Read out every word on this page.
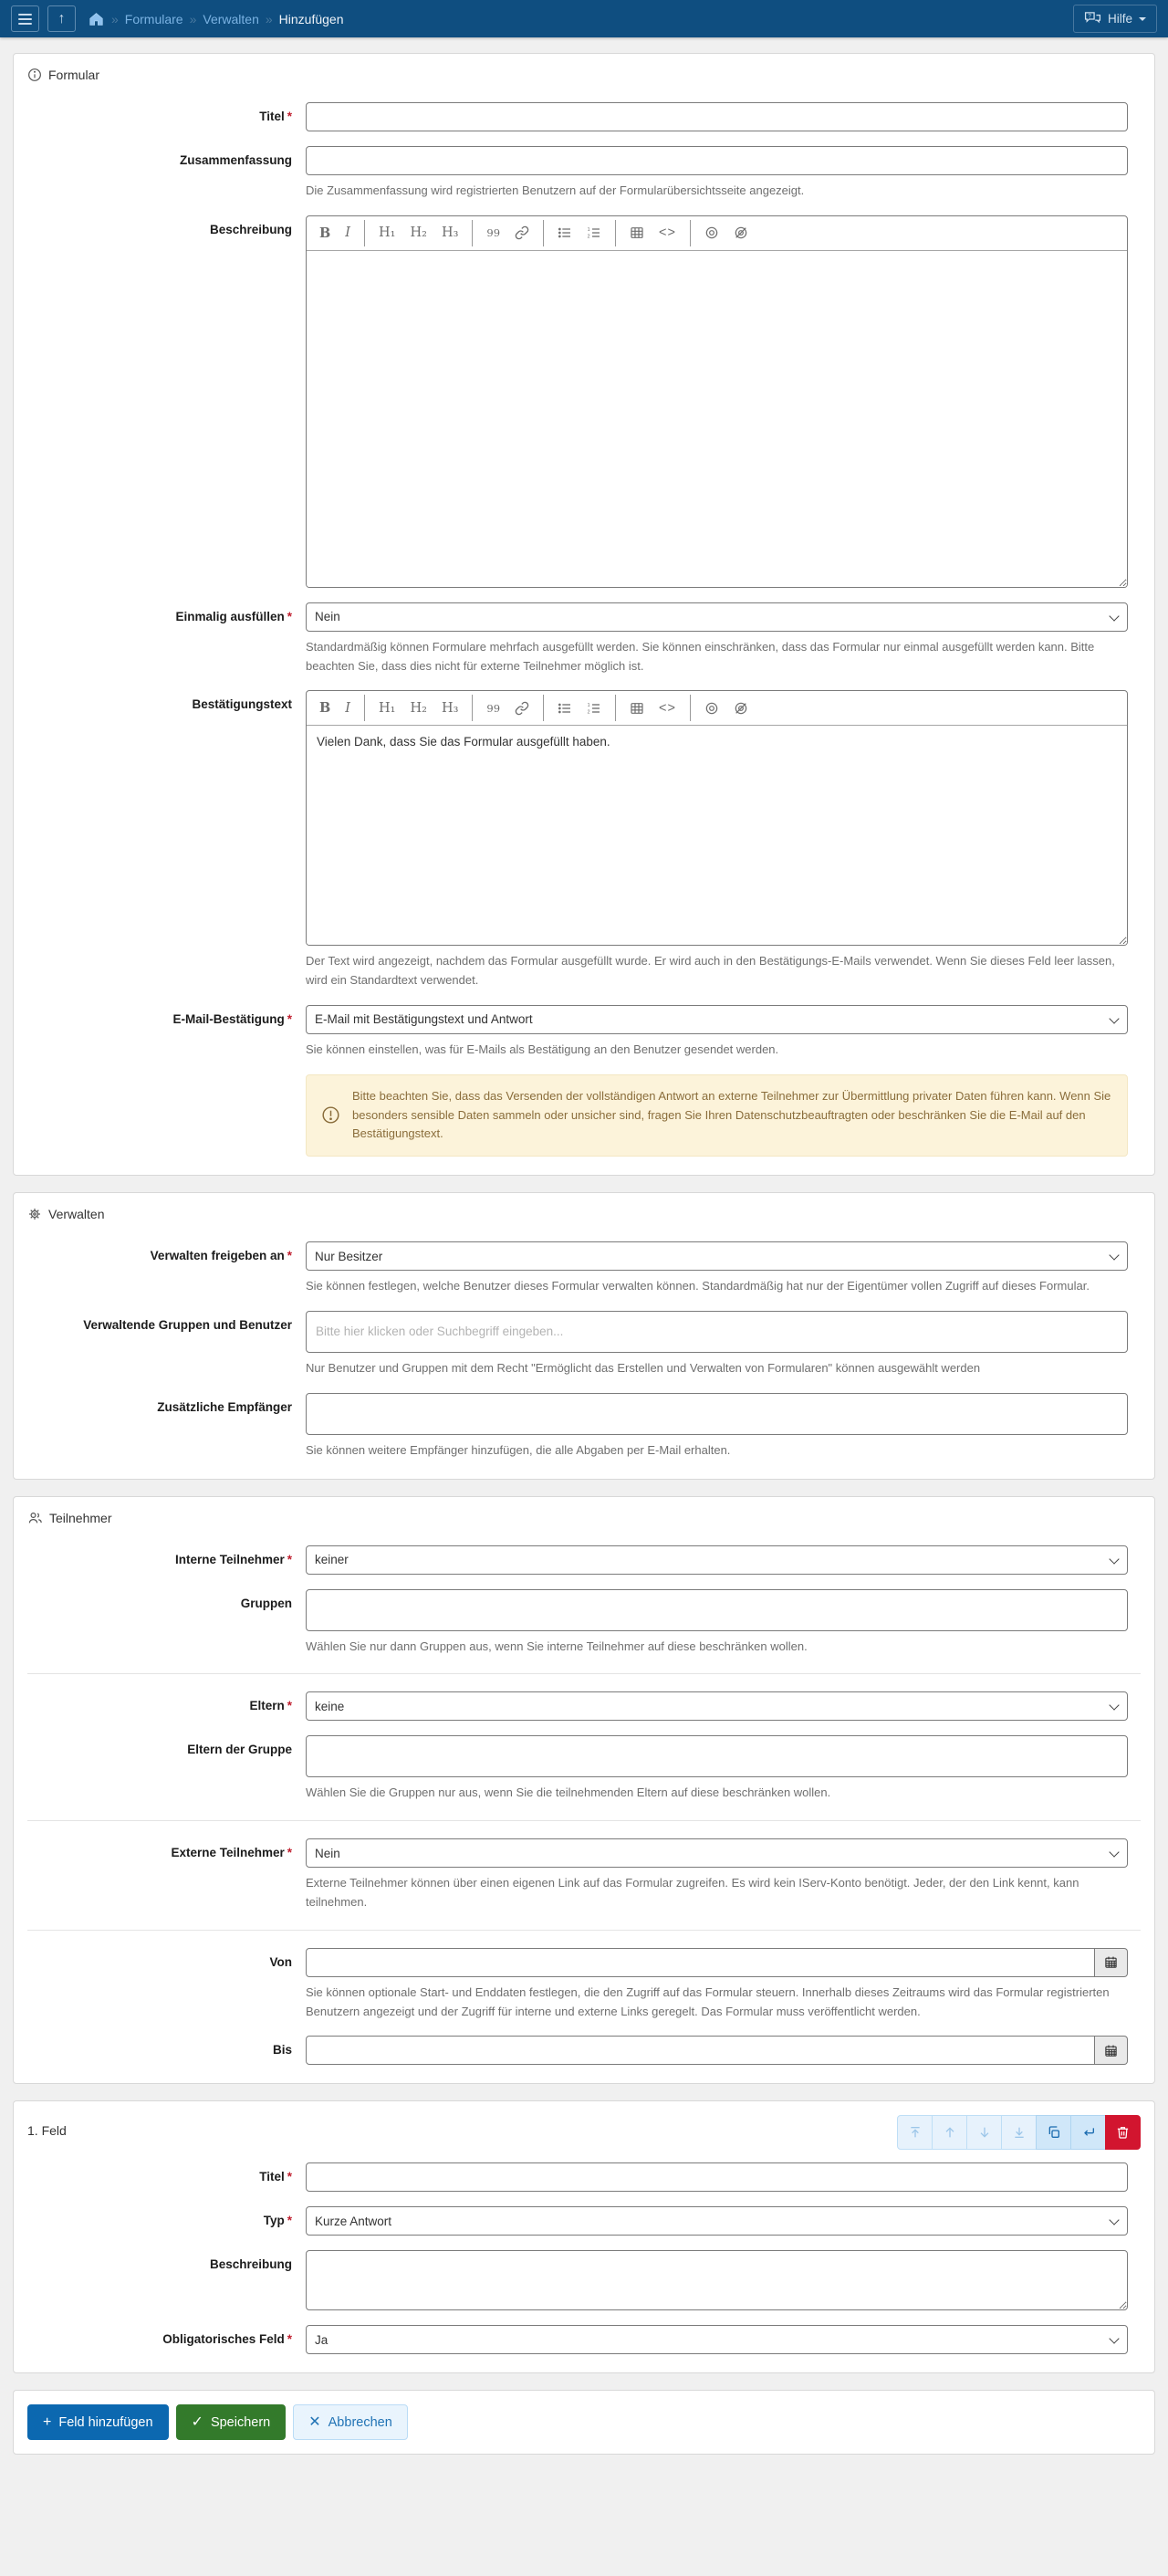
↑	» Formulare » Verwalten » Hinzufügen	? Hilfe
Formular
Titel *
Zusammenfassung
Die Zusammenfassung wird registrierten Benutzern auf der Formularübersichtsseite angezeigt.
Beschreibung	B	I	H₁	H₂	H₃	99	1
2	<>
Einmalig ausfüllen *
Nein
Standardmäßig können Formulare mehrfach ausgefüllt werden. Sie können einschränken, dass das Formular nur einmal ausgefüllt werden kann. Bitte beachten Sie, dass dies nicht für externe Teilnehmer möglich ist.
Bestätigungstext	B	I	H₁	H₂	H₃	99	1
2	<>
Vielen Dank, dass Sie das Formular ausgefüllt haben.
Der Text wird angezeigt, nachdem das Formular ausgefüllt wurde. Er wird auch in den Bestätigungs-E-Mails verwendet. Wenn Sie dieses Feld leer lassen, wird ein Standardtext verwendet.
E-Mail-Bestätigung *
E-Mail mit Bestätigungstext und Antwort
Sie können einstellen, was für E-Mails als Bestätigung an den Benutzer gesendet werden.
Bitte beachten Sie, dass das Versenden der vollständigen Antwort an externe Teilnehmer zur Übermittlung privater Daten führen kann. Wenn Sie besonders sensible Daten sammeln oder unsicher sind, fragen Sie Ihren Datenschutzbeauftragten oder beschränken Sie die E-Mail auf den Bestätigungstext.
Verwalten
Verwalten freigeben an *
Nur Besitzer
Sie können festlegen, welche Benutzer dieses Formular verwalten können. Standardmäßig hat nur der Eigentümer vollen Zugriff auf dieses Formular.
Verwaltende Gruppen und Benutzer
Bitte hier klicken oder Suchbegriff eingeben...
Nur Benutzer und Gruppen mit dem Recht "Ermöglicht das Erstellen und Verwalten von Formularen" können ausgewählt werden
Zusätzliche Empfänger
Sie können weitere Empfänger hinzufügen, die alle Abgaben per E-Mail erhalten.
Teilnehmer
Interne Teilnehmer *
keiner
Gruppen
Wählen Sie nur dann Gruppen aus, wenn Sie interne Teilnehmer auf diese beschränken wollen.
Eltern *
keine
Eltern der Gruppe
Wählen Sie die Gruppen nur aus, wenn Sie die teilnehmenden Eltern auf diese beschränken wollen.
Externe Teilnehmer *
Nein
Externe Teilnehmer können über einen eigenen Link auf das Formular zugreifen. Es wird kein IServ-Konto benötigt. Jeder, der den Link kennt, kann teilnehmen.
Von
Sie können optionale Start- und Enddaten festlegen, die den Zugriff auf das Formular steuern. Innerhalb dieses Zeitraums wird das Formular registrierten Benutzern angezeigt und der Zugriff für interne und externe Links geregelt. Das Formular muss veröffentlicht werden.
Bis
1. Feld
Titel *
Typ *
Kurze Antwort
Beschreibung
Obligatorisches Feld *
Ja
+ Feld hinzufügen	✓ Speichern	✕ Abbrechen
